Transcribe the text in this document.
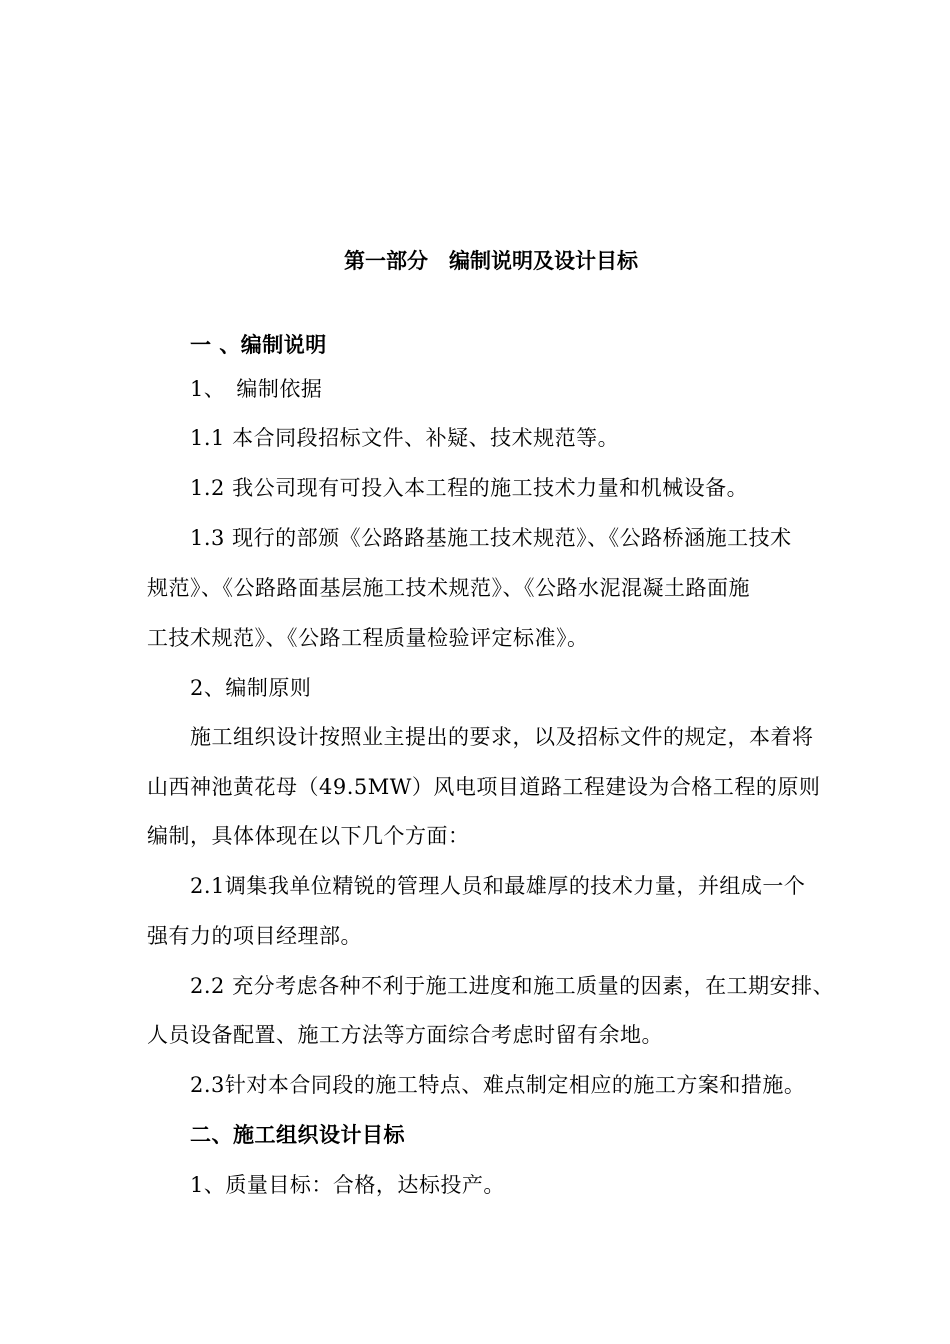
第一部分　编制说明及设计目标
一 、编制说明
1、　编制依据
1.1 本合同段招标文件、补疑、技术规范等。
1.2 我公司现有可投入本工程的施工技术力量和机械设备。
1.3 现行的部颁《公路路基施工技术规范》、《公路桥涵施工技术
规范》、《公路路面基层施工技术规范》、《公路水泥混凝土路面施
工技术规范》、《公路工程质量检验评定标准》。
2、编制原则
施工组织设计按照业主提出的要求，以及招标文件的规定，本着将
山西神池黄花母（49.5MW）风电项目道路工程建设为合格工程的原则
编制，具体体现在以下几个方面：
2.1调集我单位精锐的管理人员和最雄厚的技术力量，并组成一个
强有力的项目经理部。
2.2 充分考虑各种不利于施工进度和施工质量的因素，在工期安排、
人员设备配置、施工方法等方面综合考虑时留有余地。
2.3针对本合同段的施工特点、难点制定相应的施工方案和措施。
二、施工组织设计目标
1、质量目标：合格，达标投产。
